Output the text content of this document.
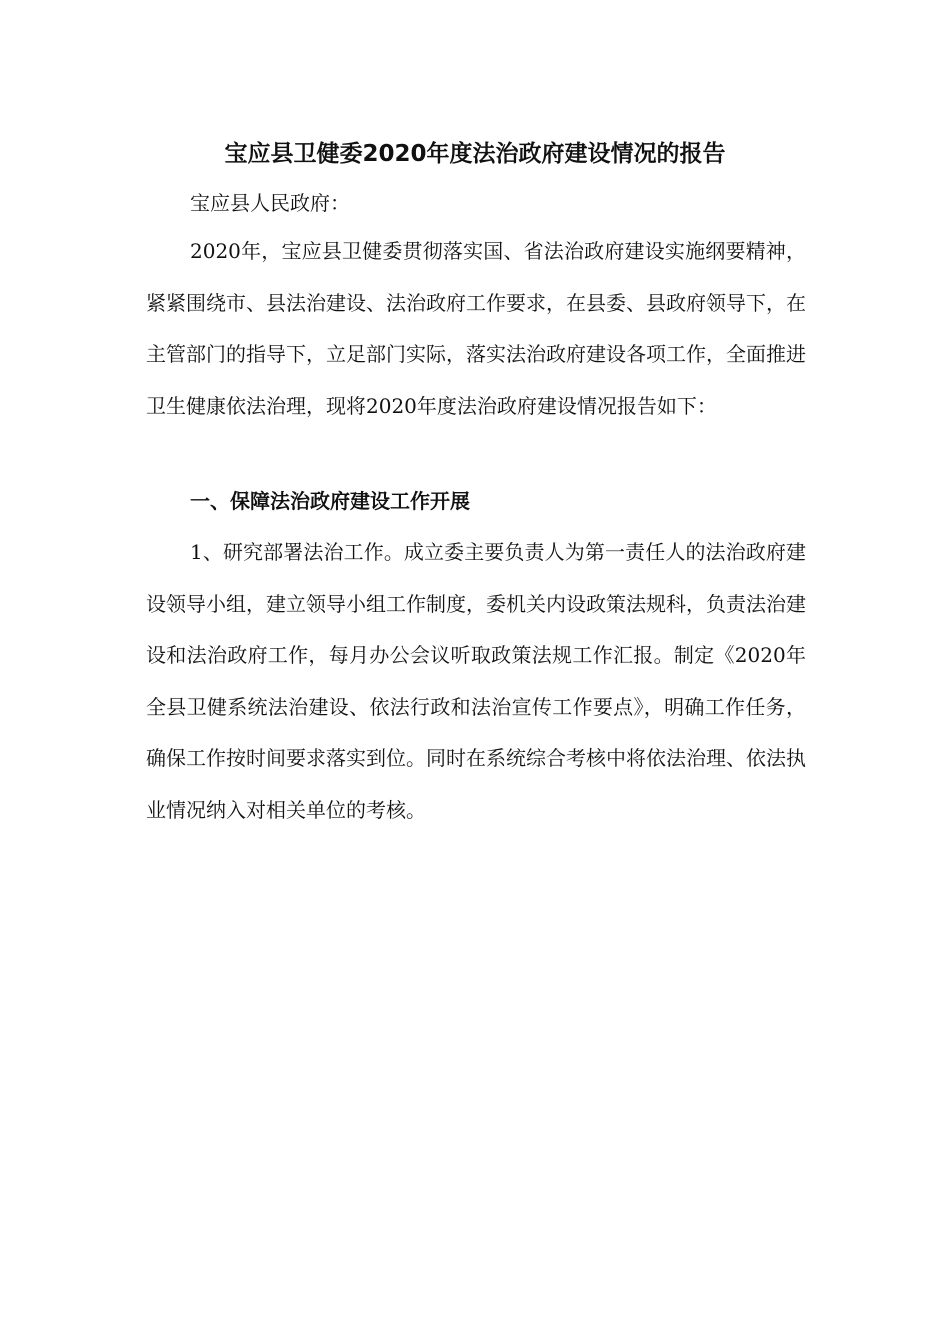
宝应县卫健委2020年度法治政府建设情况的报告

宝应县人民政府：

2020年，宝应县卫健委贯彻落实国、省法治政府建设实施纲要精神，紧紧围绕市、县法治建设、法治政府工作要求，在县委、县政府领导下，在主管部门的指导下，立足部门实际，落实法治政府建设各项工作，全面推进卫生健康依法治理，现将2020年度法治政府建设情况报告如下：

一、保障法治政府建设工作开展

1、研究部署法治工作。成立委主要负责人为第一责任人的法治政府建设领导小组，建立领导小组工作制度，委机关内设政策法规科，负责法治建设和法治政府工作，每月办公会议听取政策法规工作汇报。制定《2020年全县卫健系统法治建设、依法行政和法治宣传工作要点》，明确工作任务，确保工作按时间要求落实到位。同时在系统综合考核中将依法治理、依法执业情况纳入对相关单位的考核。
